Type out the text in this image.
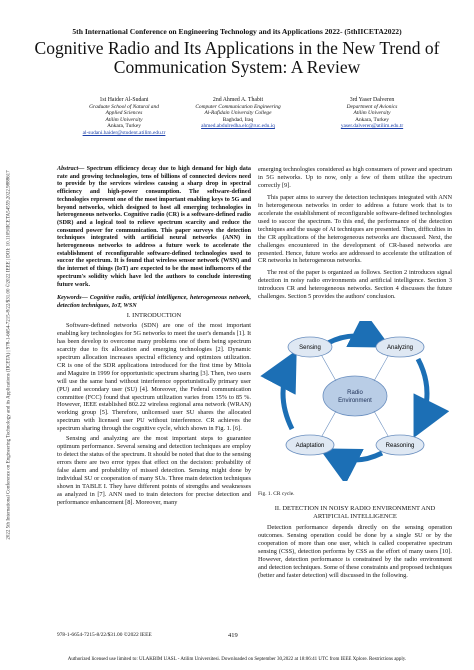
5th International Conference on Engineering Technology and its Applications 2022- (5thIICETA2022)
Cognitive Radio and Its Applications in the New Trend of Communication System: A Review
1st Haider Al-Sudani
Graduate School of Natural and
Applied Sciences
Atilim University
Ankara, Turkey
al-sudani.haider@student.atilim.edu.tr
2nd Ahmed A. Thabit
Computer Communication Engineering
Al-Rafidain University College
Baghdad, Iraq
ahmed.abdulredha.elc@ruc.edu.iq
3rd Yaser Dalveren
Department of Avionics
Atilim University
Ankara, Turkey
yaser.dalveren@atilim.edu.tr
2022 5th International Conference on Engineering Technology and its Applications (IICETA) | 978-1-6654-7215-8/22/$31.00 ©2022 IEEE | DOI: 10.1109/IICETA54559.2022.9888617
Abstract— Spectrum efficiency decay due to high demand for high data rate and growing technologies, tens of billions of connected devices need to provide by the services wireless causing a sharp drop in spectral efficiency and high-power consumption. The software-defined technologies represent one of the most important enabling keys to 5G and beyond networks, which designed to host all emerging technologies in heterogeneous networks. Cognitive radio (CR) is a software-defined radio (SDR) and a logical tool to relieve spectrum scarcity and reduce the consumed power for communication. This paper surveys the detection techniques integrated with artificial neural networks (ANN) in heterogeneous networks to address a future work to accelerate the establishment of reconfigurable software-defined technologies used to succor the spectrum. It is found that wireless sensor network (WSN) and the internet of things (IoT) are expected to be the most influencers of the spectrum's solidity which have led the authors to conclude interesting future work.
Keywords— Cognitive radio, artificial intelligence, heterogeneous network, detection techniques, IoT, WSN
I. INTRODUCTION

Software-defined networks (SDN) are one of the most important enabling key technologies for 5G networks to meet the user's demands [1]. It has been develop to overcome many problems one of them being spectrum scarcity due to fix allocation and emerging technologies [2]. Dynamic spectrum allocation increases spectral efficiency and optimizes utilization. CR is one of the SDR applications introduced for the first time by Mitola and Maguire in 1999 for opportunistic spectrum sharing [3]. Then, two users will use the same band without interference opportunistically primary user (PU) and secondary user (SU) [4]. Moreover, the Federal communication committee (FCC) found that spectrum utilization varies from 15% to 85 %. However, IEEE established 802.22 wireless regional area network (WRAN) working group [5]. Therefore, unlicensed user SU shares the allocated spectrum with licensed user PU without interference. CR achieves the spectrum sharing through the cognitive cycle, which shown in Fig. 1. [6].

Sensing and analyzing are the most important steps to guarantee optimum performance. Several sensing and detection techniques are employ to detect the status of the spectrum. It should be noted that due to the sensing errors there are two error types that effect on the decision: probability of false alarm and probability of missed detection. Sensing might done by individual SU or cooperation of many SUs. Three main detection techniques shown in TABLE I. They have different points of strengths and weaknesses as analyzed in [7]. ANN used to train detectors for precise detection and performance enhancement [8]. Moreover, many

emerging technologies considered as high consumers of power and spectrum in 5G networks. Up to now, only a few of them utilize the spectrum correctly [9].

This paper aims to survey the detection techniques integrated with ANN in heterogeneous networks in order to address a future work that is to accelerate the establishment of reconfigurable software-defined technologies used to succor the spectrum. To this end, the performance of the detection techniques and the usage of AI techniques are presented. Then, difficulties in the CR applications of the heterogeneous networks are discussed. Next, the challenges encountered in the development of CR-based networks are presented. Hence, future works are addressed to accelerate the utilization of CR networks in heterogeneous networks.

The rest of the paper is organized as follows. Section 2 introduces signal detection in noisy radio environments and artificial intelligence. Section 3 introduces CR and heterogeneous networks. Section 4 discusses the future challenges. Section 5 provides the authors' conclusion.

Radio
Environment
Sensing	Analyzing
Reasoning
Adaptation
Fig. 1. CR cycle.
II. DETECTION IN NOISY RADIO ENVIRONMENT AND
ARTIFICIAL INTELLIGENCE

Detection performance depends directly on the sensing operation outcomes. Sensing operation could be done by a single SU or by the cooperation of more than one user, which is called cooperative spectrum sensing (CSS), detection performs by CSS as the effort of many users [10]. However, detection performance is constrained by the radio environment and detection techniques. Some of these constraints and proposed techniques (better and faster detection) will discussed in the following.

978-1-6654-7215-8/22/$31.00 ©2022 IEEE	419
Authorized licensed use limited to: ULAKBIM UASL - Atilim Universitesi. Downloaded on September 30,2022 at 18:06:41 UTC from IEEE Xplore. Restrictions apply.
